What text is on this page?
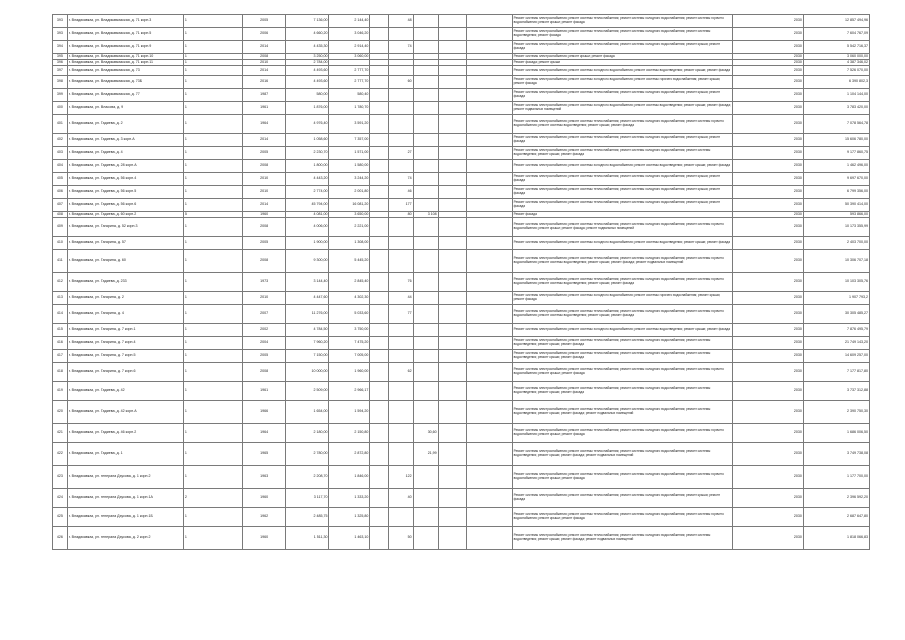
393	г. Владикавказ, ул. Владикавказская, д. 71 корп.3	1	2005	7 136,00	2 144,40		48				Ремонт системы электроснабжения; ремонт системы теплоснабжения; ремонт системы холодного водоснабжения; ремонт системы горячего водоснабжения; ремонт крыши; ремонт фасада	2030	12 857 494,96
393	г. Владикавказ, ул. Владикавказская, д. 71 корп.5	1	2006	4 660,20	3 046,20						Ремонт системы электроснабжения; ремонт системы теплоснабжения; ремонт системы холодного водоснабжения; ремонт системы водоотведения; ремонт фасада	2030	7 604 767,09
394	г. Владикавказ, ул. Владикавказская, д. 71 корп.9	1	2014	4 435,30	2 914,40		74				Ремонт системы электроснабжения; ремонт системы теплоснабжения; ремонт системы холодного водоснабжения; ремонт крыши; ремонт фасада	2030	5 542 716,37
395	г. Владикавказ, ул. Владикавказская, д. 71 корп.10	1	2008	3 250,00	3 060,00						Ремонт системы электроснабжения; ремонт крыши; ремонт фасада	2030	3 060 000,00
396	г. Владикавказ, ул. Владикавказская, д. 71 корп.11	1	2010	2 784,00							Ремонт фасада; ремонт крыши	2030	4 387 346,02
397	г. Владикавказ, ул. Владикавказская, д. 73	1	2014	4 493,60	2 777,70						Ремонт системы электроснабжения; ремонт системы холодного водоснабжения; ремонт системы водоотведения; ремонт крыши; ремонт фасада	2030	7 526 070,00
398	г. Владикавказ, ул. Владикавказская, д. 73Б	1	2016	4 493,60	2 777,70		60				Ремонт системы электроснабжения; ремонт системы холодного водоснабжения; ремонт системы горячего водоснабжения; ремонт крыши; ремонт фасада	2030	6 390 802,3
399	г. Владикавказ, ул. Владикавказская, д. 77	1	1987	580,00	580,40						Ремонт системы электроснабжения; ремонт системы теплоснабжения; ремонт системы холодного водоснабжения; ремонт крыши; ремонт фасада	2030	1 104 144,00
400	г. Владикавказ, ул. Власова, д. 9	1	1961	1 876,00	1 780,70						Ремонт системы электроснабжения; ремонт системы холодного водоснабжения; ремонт системы водоотведения; ремонт крыши; ремонт фасада; ремонт подвальных помещений	2030	3 783 420,00
401	г. Владикавказ, ул. Гадиева, д. 2	1	1964	4 976,40	3 591,20						Ремонт системы электроснабжения; ремонт системы теплоснабжения; ремонт системы холодного водоснабжения; ремонт системы горячего водоснабжения; ремонт системы водоотведения; ремонт крыши; ремонт фасада	2030	7 078 564,78
402	г. Владикавказ, ул. Гадиева, д. 3 корп.А	1	2014	1 058,60	7 357,00						Ремонт системы электроснабжения; ремонт системы теплоснабжения; ремонт системы холодного водоснабжения; ремонт крыши; ремонт фасада	2030	15 606 780,00
403	г. Владикавказ, ул. Гадиева, д. 4	1	2005	2 230,70	1 571,00		27				Ремонт системы электроснабжения; ремонт системы теплоснабжения; ремонт системы холодного водоснабжения; ремонт системы водоотведения; ремонт крыши; ремонт фасада	2030	9 177 860,75
404	г. Владикавказ, ул. Гадиева, д. 28 корп.А	1	2008	1 800,00	1 580,00						Ремонт системы электроснабжения; ремонт системы холодного водоснабжения; ремонт системы водоотведения; ремонт крыши; ремонт фасада	2030	1 462 496,00
405	г. Владикавказ, ул. Гадиева, д. 56 корп.4	1	2010	4 443,20	3 244,20		74				Ремонт системы электроснабжения; ремонт системы теплоснабжения; ремонт системы холодного водоснабжения; ремонт крыши; ремонт фасада	2030	9 697 670,00
406	г. Владикавказ, ул. Гадиева, д. 56 корп.5	1	2010	2 774,00	2 001,80		46				Ремонт системы электроснабжения; ремонт системы теплоснабжения; ремонт системы холодного водоснабжения; ремонт крыши; ремонт фасада	2030	6 799 356,00
407	г. Владикавказ, ул. Гадиева, д. 56 корп.6	1	2014	45 794,00	16 081,20		177				Ремонт системы электроснабжения; ремонт системы теплоснабжения; ремонт системы холодного водоснабжения; ремонт крыши; ремонт фасада	2030	50 390 414,00
408	г. Владикавказ, ул. Гадиева, д. 60 корп.2	5	1960	4 081,00	3 650,00		80	3 108			Ремонт фасада	2030	593 866,00
409	г. Владикавказ, ул. Гагарина, д. 52 корп.3	1	2008	4 006,00	2 221,00						Ремонт системы электроснабжения; ремонт системы теплоснабжения; ремонт системы холодного водоснабжения; ремонт системы горячего водоснабжения; ремонт крыши; ремонт фасада; ремонт подвальных помещений	2030	10 173 355,99
410	г. Владикавказ, ул. Гагарина, д. 57	1	2005	1 900,00	1 308,00						Ремонт системы электроснабжения; ремонт системы холодного водоснабжения; ремонт системы водоотведения; ремонт крыши; ремонт фасада	2030	2 403 700,00
411	г. Владикавказ, ул. Гагарина, д. 60	1	2008	9 300,00	5 445,20						Ремонт системы электроснабжения; ремонт системы теплоснабжения; ремонт системы холодного водоснабжения; ремонт системы горячего водоснабжения; ремонт системы водоотведения; ремонт крыши; ремонт фасада; ремонт подвальных помещений	2030	10 306 707,18
412	г. Владикавказ, ул. Гадиева, д. 233	1	1973	3 144,40	2 845,40		76				Ремонт системы электроснабжения; ремонт системы теплоснабжения; ремонт системы холодного водоснабжения; ремонт системы горячего водоснабжения; ремонт системы водоотведения; ремонт крыши; ремонт фасада	2030	10 103 305,76
413	г. Владикавказ, ул. Гагарина, д. 2	1	2010	4 447,60	4 302,30		44				Ремонт системы электроснабжения; ремонт системы холодного водоснабжения; ремонт системы горячего водоснабжения; ремонт крыши; ремонт фасада	2030	1 907 793,2
414	г. Владикавказ, ул. Гагарина, д. 4	1	2007	11 276,00	5 033,60		77				Ремонт системы электроснабжения; ремонт системы теплоснабжения; ремонт системы холодного водоснабжения; ремонт системы горячего водоснабжения; ремонт системы водоотведения; ремонт крыши; ремонт фасада	2030	30 305 485,27
415	г. Владикавказ, ул. Гагарина, д. 7 корп.1	1	2002	4 784,50	3 750,00						Ремонт системы электроснабжения; ремонт системы холодного водоснабжения; ремонт системы водоотведения; ремонт крыши; ремонт фасада	2030	7 876 495,79
416	г. Владикавказ, ул. Гагарина, д. 7 корп.4	1	2004	7 960,20	7 475,20						Ремонт системы электроснабжения; ремонт системы теплоснабжения; ремонт системы холодного водоснабжения; ремонт системы водоотведения; ремонт крыши; ремонт фасада	2030	21 749 143,20
417	г. Владикавказ, ул. Гагарина, д. 7 корп.5	1	2005	7 150,00	7 005,00						Ремонт системы электроснабжения; ремонт системы теплоснабжения; ремонт системы холодного водоснабжения; ремонт системы водоотведения; ремонт крыши; ремонт фасада	2030	14 609 257,00
418	г. Владикавказ, ул. Гагарина, д. 7 корп.6	1	2008	10 000,00	1 960,00		62				Ремонт системы электроснабжения; ремонт системы теплоснабжения; ремонт системы холодного водоснабжения; ремонт системы горячего водоснабжения; ремонт крыши; ремонт фасада	2030	7 177 817,80
419	г. Владикавказ, ул. Гадиева, д. 42	1	1961	2 509,00	2 966,17						Ремонт системы электроснабжения; ремонт системы теплоснабжения; ремонт системы холодного водоснабжения; ремонт системы водоотведения; ремонт крыши; ремонт фасада	2030	3 737 312,88
420	г. Владикавказ, ул. Гадиева, д. 42 корп.А	1	1966	1 654,00	1 594,20						Ремонт системы электроснабжения; ремонт системы теплоснабжения; ремонт системы холодного водоснабжения; ремонт системы водоотведения; ремонт крыши; ремонт фасада; ремонт подвальных помещений	2030	2 390 750,30
421	г. Владикавказ, ул. Гадиева, д. 46 корп.2	1	1964	2 180,00	2 150,80			30,60			Ремонт системы электроснабжения; ремонт системы теплоснабжения; ремонт системы холодного водоснабжения; ремонт системы горячего водоснабжения; ремонт крыши; ремонт фасада	2030	1 686 006,50
422	г. Владикавказ, ул. Гадиева, д. 1	1	1965	2 780,00	2 872,80			21,99			Ремонт системы электроснабжения; ремонт системы теплоснабжения; ремонт системы холодного водоснабжения; ремонт системы водоотведения; ремонт крыши; ремонт фасада; ремонт подвальных помещений	2030	3 749 738,08
423	г. Владикавказ, ул. генерала Дзусова, д. 1 корп.2	1	1963	2 208,70	1 846,00		122				Ремонт системы электроснабжения; ремонт системы теплоснабжения; ремонт системы холодного водоснабжения; ремонт системы горячего водоснабжения; ремонт крыши; ремонт фасада	2030	1 177 700,00
424	г. Владикавказ, ул. генерала Дзусова, д. 1 корп.1А	2	1960	3 117,70	1 333,20		40				Ремонт системы электроснабжения; ремонт системы теплоснабжения; ремонт системы холодного водоснабжения; ремонт крыши; ремонт фасада	2030	2 396 592,20
425	г. Владикавказ, ул. генерала Дзусова, д. 1 корп.1Б	1	1962	2 485,75	1 325,80						Ремонт системы электроснабжения; ремонт системы теплоснабжения; ремонт системы холодного водоснабжения; ремонт системы горячего водоснабжения; ремонт крыши; ремонт фасада	2030	2 687 647,80
426	г. Владикавказ, ул. генерала Дзусова, д. 2 корп.2	1	1960	1 511,30	1 463,10		50				Ремонт системы электроснабжения; ремонт системы теплоснабжения; ремонт системы холодного водоснабжения; ремонт системы водоотведения; ремонт крыши; ремонт фасада; ремонт подвальных помещений	2030	1 818 066,83
